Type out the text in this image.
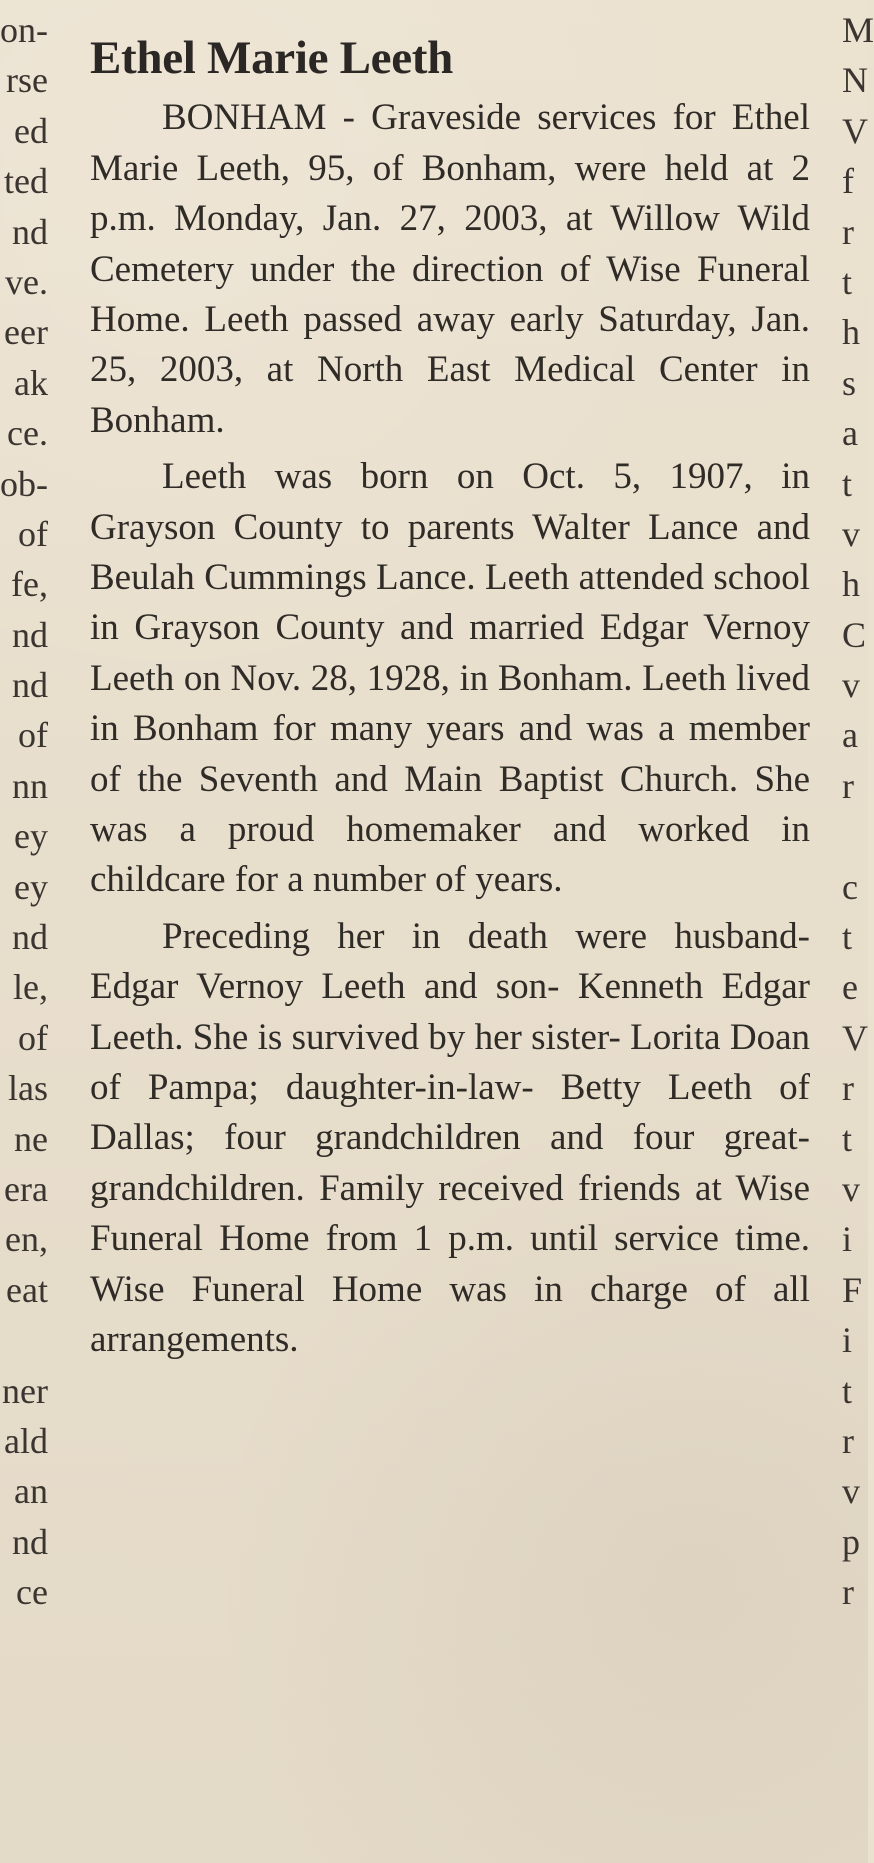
on-
rse
ed
ted
nd
ve.
eer
ak
ce.
ob-
of
fe,
nd
nd
of
nn
ey
ey
nd
le,
of
las
ne
era
en,
eat
ner
ald
an
nd
ce
Ethel Marie Leeth

BONHAM - Graveside services for Ethel Marie Leeth, 95, of Bonham, were held at 2 p.m. Monday, Jan. 27, 2003, at Willow Wild Cemetery under the direction of Wise Funeral Home. Leeth passed away early Saturday, Jan. 25, 2003, at North East Medical Center in Bonham.

Leeth was born on Oct. 5, 1907, in Grayson County to parents Walter Lance and Beulah Cummings Lance. Leeth attended school in Grayson County and married Edgar Vernoy Leeth on Nov. 28, 1928, in Bonham. Leeth lived in Bonham for many years and was a member of the Seventh and Main Baptist Church. She was a proud homemaker and worked in childcare for a number of years.

Preceding her in death were husband- Edgar Vernoy Leeth and son- Kenneth Edgar Leeth. She is survived by her sister- Lorita Doan of Pampa; daughter-in-law- Betty Leeth of Dallas; four grandchildren and four great-grandchildren. Family received friends at Wise Funeral Home from 1 p.m. until service time. Wise Funeral Home was in charge of all arrangements.

M
N
V
f
r
t
h
s
a
t
v
h
C
v
a
r
c
t
e
V
r
t
v
i
F
i
t
r
v
p
r
